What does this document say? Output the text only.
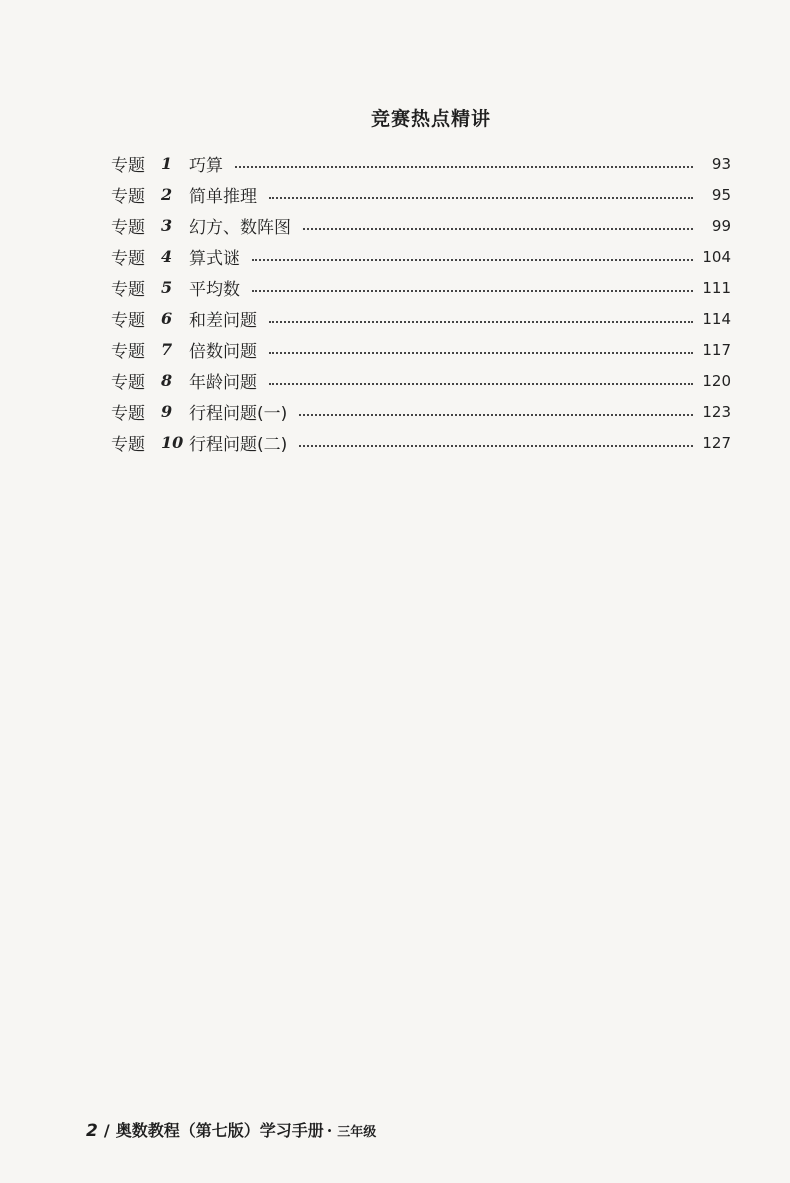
竞赛热点精讲
专题	1 巧算	93
专题	2 简单推理	95
专题	3 幻方、数阵图	99
专题	4 算式谜	104
专题	5 平均数	111
专题	6 和差问题	114
专题	7 倍数问题	117
专题	8 年龄问题	120
专题	9 行程问题(一)	123
专题	10 行程问题(二)	127
2 / 奥数教程（第七版）学习手册 · 三年级
